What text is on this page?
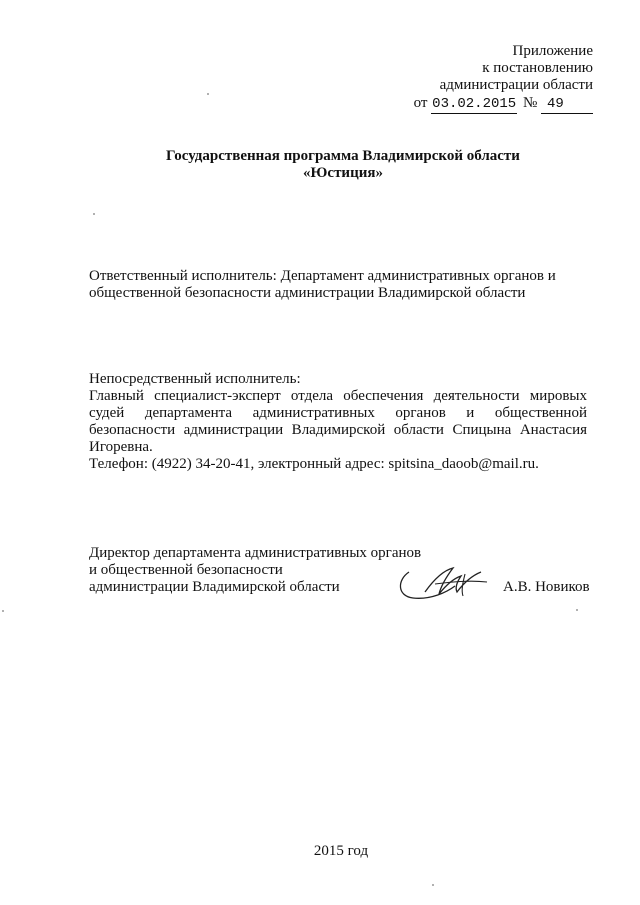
Приложение
к постановлению
администрации области
от 03.02.2015 № 49
Государственная программа Владимирской области
«Юстиция»
Ответственный исполнитель: Департамент административных органов и
общественной безопасности администрации Владимирской области
Непосредственный исполнитель:
Главный специалист-эксперт отдела обеспечения деятельности мировых
судей департамента административных органов и общественной
безопасности администрации Владимирской области Спицына Анастасия
Игоревна.
Телефон: (4922) 34-20-41, электронный адрес: spitsina_daoob@mail.ru.
Директор департамента административных органов
и общественной безопасности
администрации Владимирской области	А.В. Новиков
2015 год
